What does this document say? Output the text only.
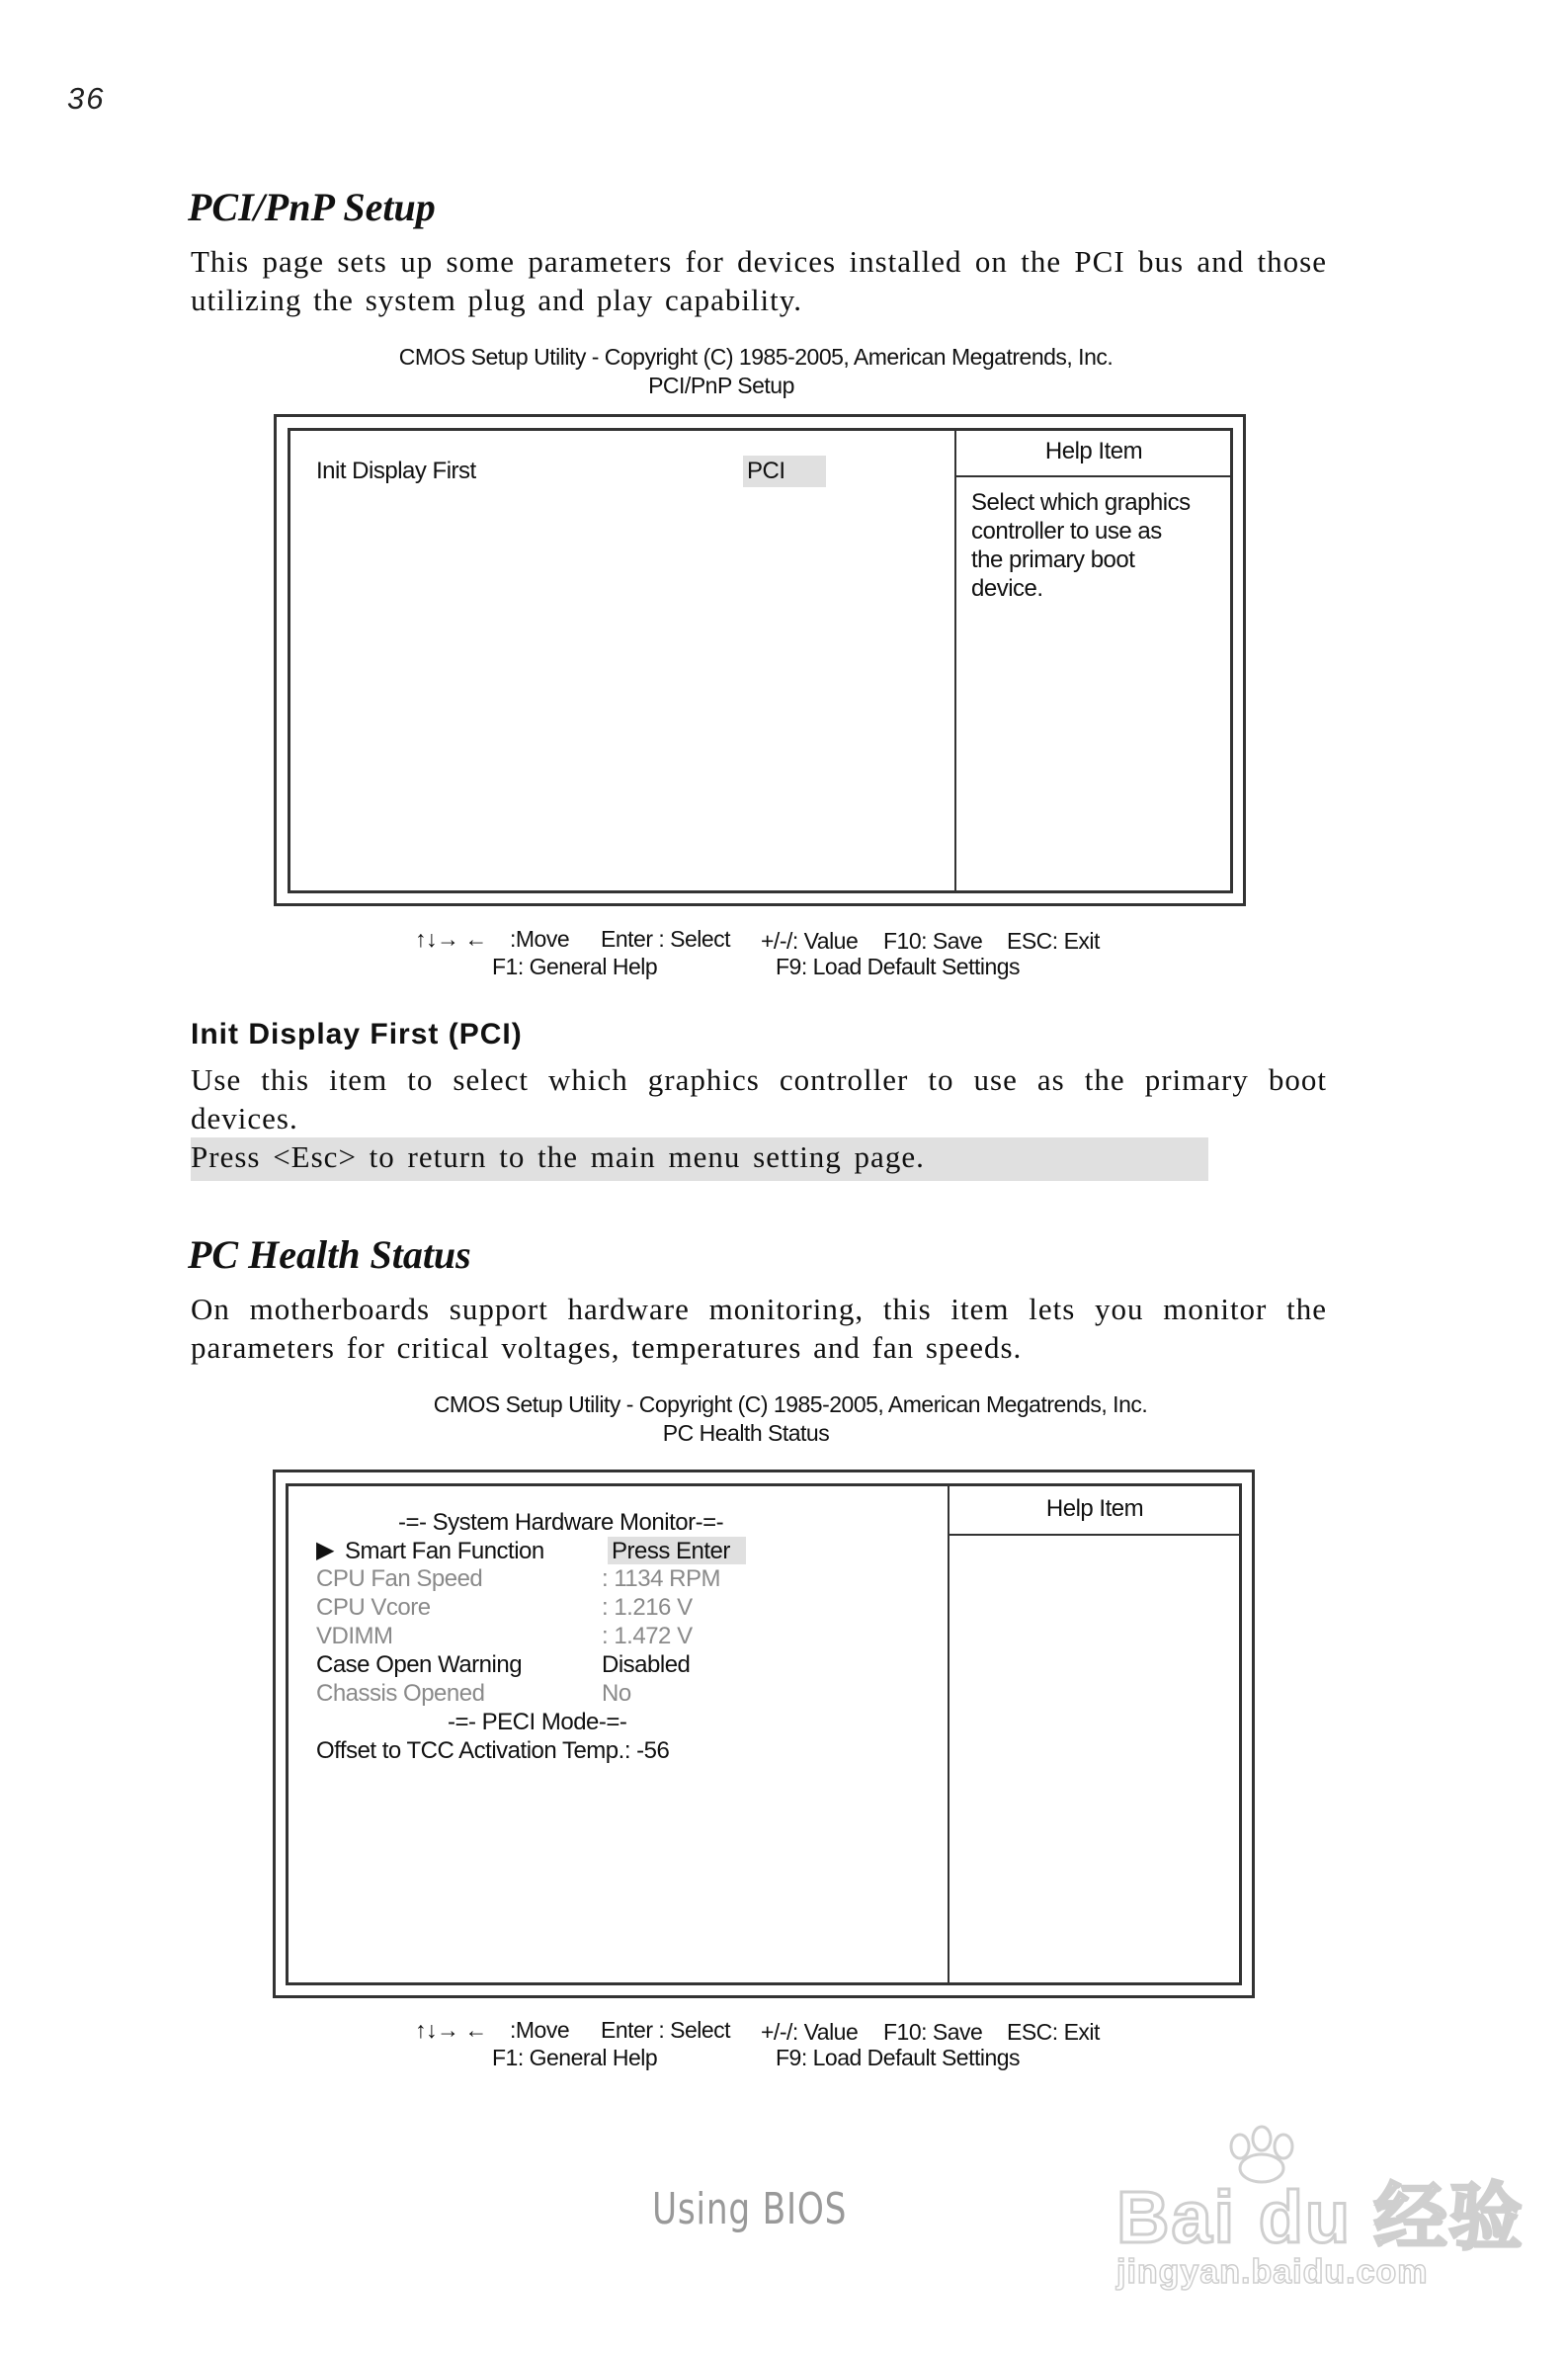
36
PCI/PnP Setup
This page sets up some parameters for devices installed on the PCI bus and those utilizing the system plug and play capability.
CMOS Setup Utility - Copyright (C) 1985-2005, American Megatrends, Inc.
PCI/PnP Setup
Init Display First	PCI
Help Item
Select which graphics
controller to use as
the primary boot
device.
↑↓→ ← :Move Enter : Select +/-/: Value F10: Save ESC: Exit
F1: General Help	F9: Load Default Settings
Init Display First (PCI)
Use this item to select which graphics controller to use as the primary boot devices.
Press <Esc> to return to the main menu setting page.
PC Health Status
On motherboards support hardware monitoring, this item lets you monitor the parameters for critical voltages, temperatures and fan speeds.
CMOS Setup Utility - Copyright (C) 1985-2005, American Megatrends, Inc.
PC Health Status
Help Item
-=- System Hardware Monitor-=-
▶ Smart Fan Function	Press Enter
CPU Fan Speed	: 1134 RPM
CPU Vcore	: 1.216 V
VDIMM	: 1.472 V
Case Open Warning	Disabled
Chassis Opened	No
-=- PECI Mode-=-
Offset to TCC Activation Temp.: -56
↑↓→ ← :Move Enter : Select +/-/: Value F10: Save ESC: Exit
F1: General Help	F9: Load Default Settings
Using BIOS	Bai du 经验
jingyan.baidu.com
